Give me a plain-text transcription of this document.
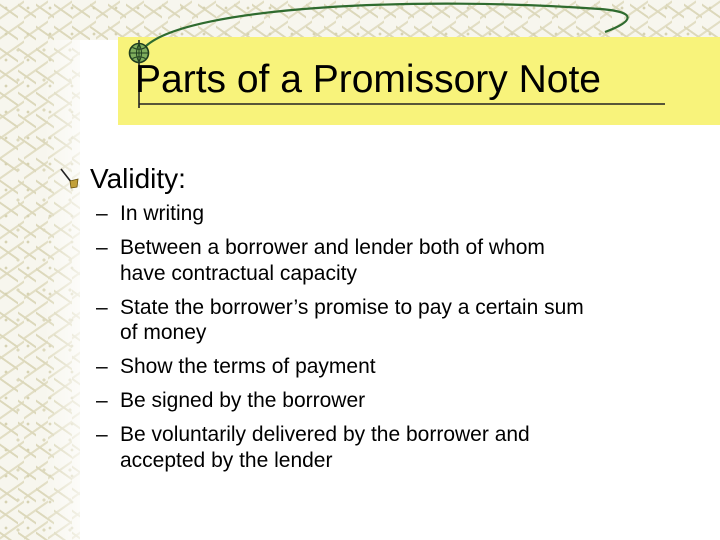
Parts of a Promissory Note

Validity:

– In writing
– Between a borrower and lender both of whom
have contractual capacity
– State the borrower’s promise to pay a certain sum
of money
– Show the terms of payment
– Be signed by the borrower
– Be voluntarily delivered by the borrower and
accepted by the lender
